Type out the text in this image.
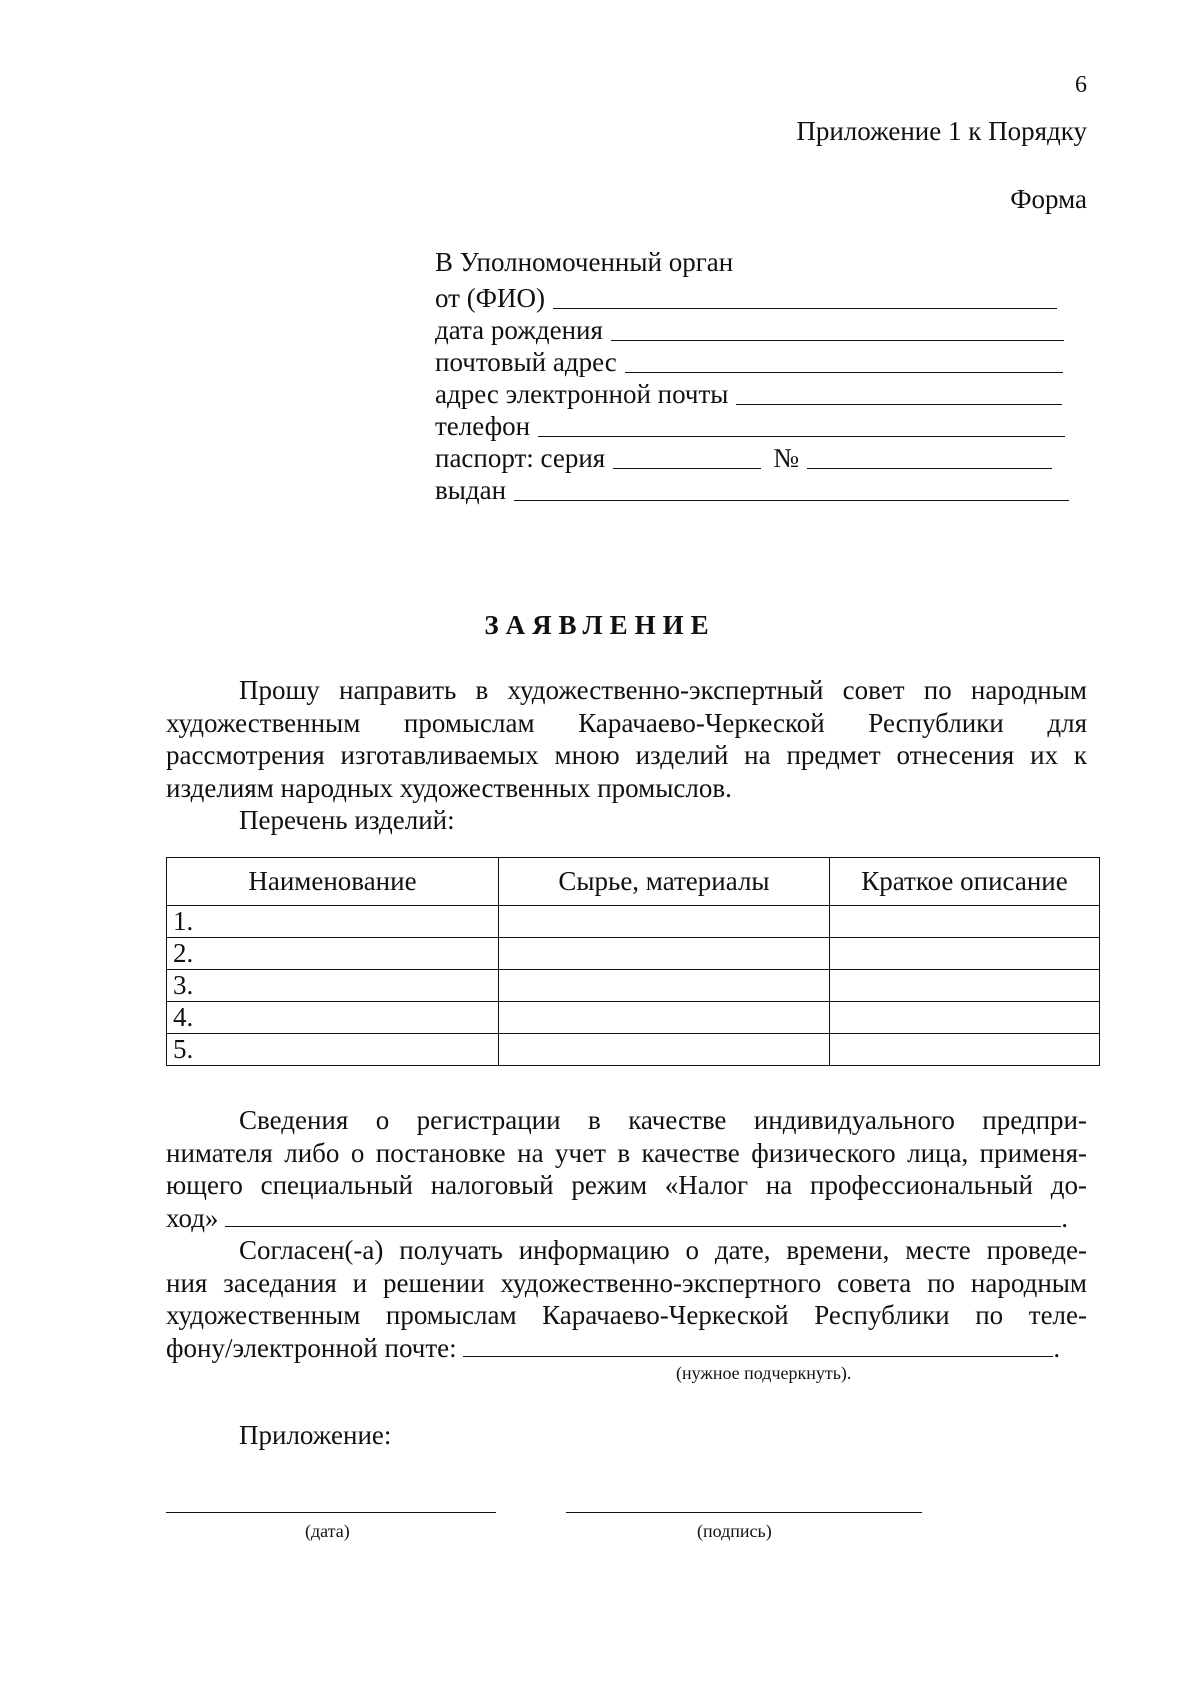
6
Приложение 1 к Порядку
Форма
В Уполномоченный орган
от (ФИО)
дата рождения
почтовый адрес
адрес электронной почты
телефон
паспорт: серия	№
выдан
ЗАЯВЛЕНИЕ
Прошу направить в художественно-экспертный совет по народным
художественным промыслам Карачаево-Черкеской Республики для
рассмотрения изготавливаемых мною изделий на предмет отнесения их к
изделиям народных художественных промыслов.
Перечень изделий:
Наименование	Сырье, материалы	Краткое описание
1.		
2.		
3.		
4.		
5.		
Сведения о регистрации в качестве индивидуального предпри-
нимателя либо о постановке на учет в качестве физического лица, применя-
ющего специальный налоговый режим «Налог на профессиональный до-
ход»	.
Согласен(-а) получать информацию о дате, времени, месте проведе-
ния заседания и решении художественно-экспертного совета по народным
художественным промыслам Карачаево-Черкеской Республики по теле-
фону/электронной почте:	.
(нужное подчеркнуть).
Приложение:
(дата)	(подпись)
